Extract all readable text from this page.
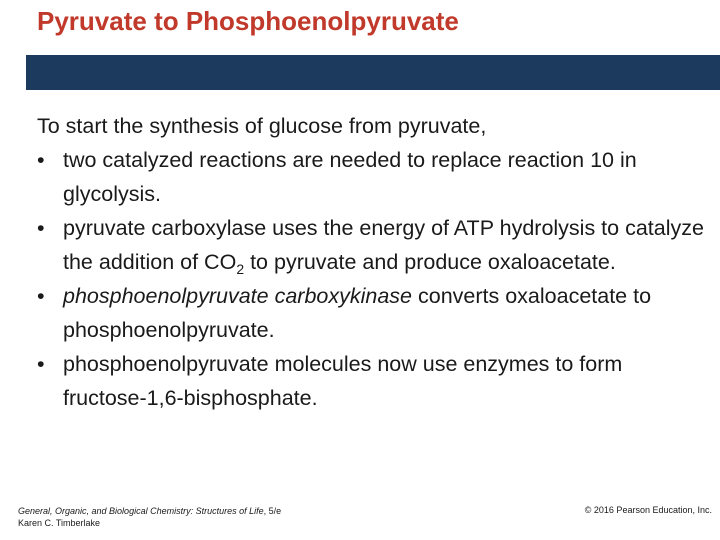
Pyruvate to Phosphoenolpyruvate

To start the synthesis of glucose from pyruvate,

• two catalyzed reactions are needed to replace reaction 10 in glycolysis.
• pyruvate carboxylase uses the energy of ATP hydrolysis to catalyze the addition of $CO_2$ to pyruvate and produce oxaloacetate.
• phosphoenolpyruvate carboxykinase converts oxaloacetate to phosphoenolpyruvate.
• phosphoenolpyruvate molecules now use enzymes to form fructose-1,6-bisphosphate.
General, Organic, and Biological Chemistry: Structures of Life, 5/e
Karen C. Timberlake
© 2016 Pearson Education, Inc.
